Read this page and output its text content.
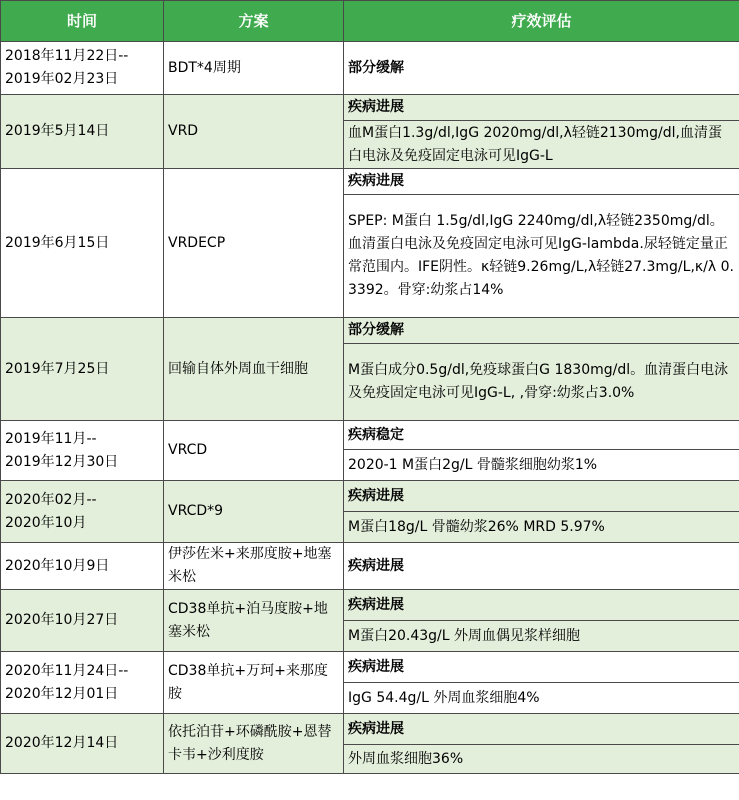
时间	方案	疗效评估
2018年11月22日--
2019年02月23日	BDT*4周期	部分缓解
2019年5月14日	VRD	疾病进展
		血M蛋白1.3g/dl,IgG 2020mg/dl,λ轻链2130mg/dl,血清蛋白电泳及免疫固定电泳可见IgG-L
2019年6月15日	VRDECP	疾病进展
		SPEP: M蛋白 1.5g/dl,IgG 2240mg/dl,λ轻链2350mg/dl。血清蛋白电泳及免疫固定电泳可见IgG-lambda.尿轻链定量正常范围内。IFE阴性。κ轻链9.26mg/L,λ轻链27.3mg/L,κ/λ 0.3392。骨穿:幼浆占14%
2019年7月25日	回输自体外周血干细胞	部分缓解
		M蛋白成分0.5g/dl,免疫球蛋白G 1830mg/dl。血清蛋白电泳及免疫固定电泳可见IgG-L, ,骨穿:幼浆占3.0%
2019年11月--
2019年12月30日	VRCD	疾病稳定
		2020-1 M蛋白2g/L 骨髓浆细胞幼浆1%
2020年02月--
2020年10月	VRCD*9	疾病进展
		M蛋白18g/L 骨髓幼浆26% MRD 5.97%
2020年10月9日	伊莎佐米+来那度胺+地塞米松	疾病进展
2020年10月27日	CD38单抗+泊马度胺+地塞米松	疾病进展
		M蛋白20.43g/L 外周血偶见浆样细胞
2020年11月24日--
2020年12月01日	CD38单抗+万珂+来那度胺	疾病进展
		IgG 54.4g/L 外周血浆细胞4%
2020年12月14日	依托泊苷+环磷酰胺+恩替卡韦+沙利度胺	疾病进展
		外周血浆细胞36%
